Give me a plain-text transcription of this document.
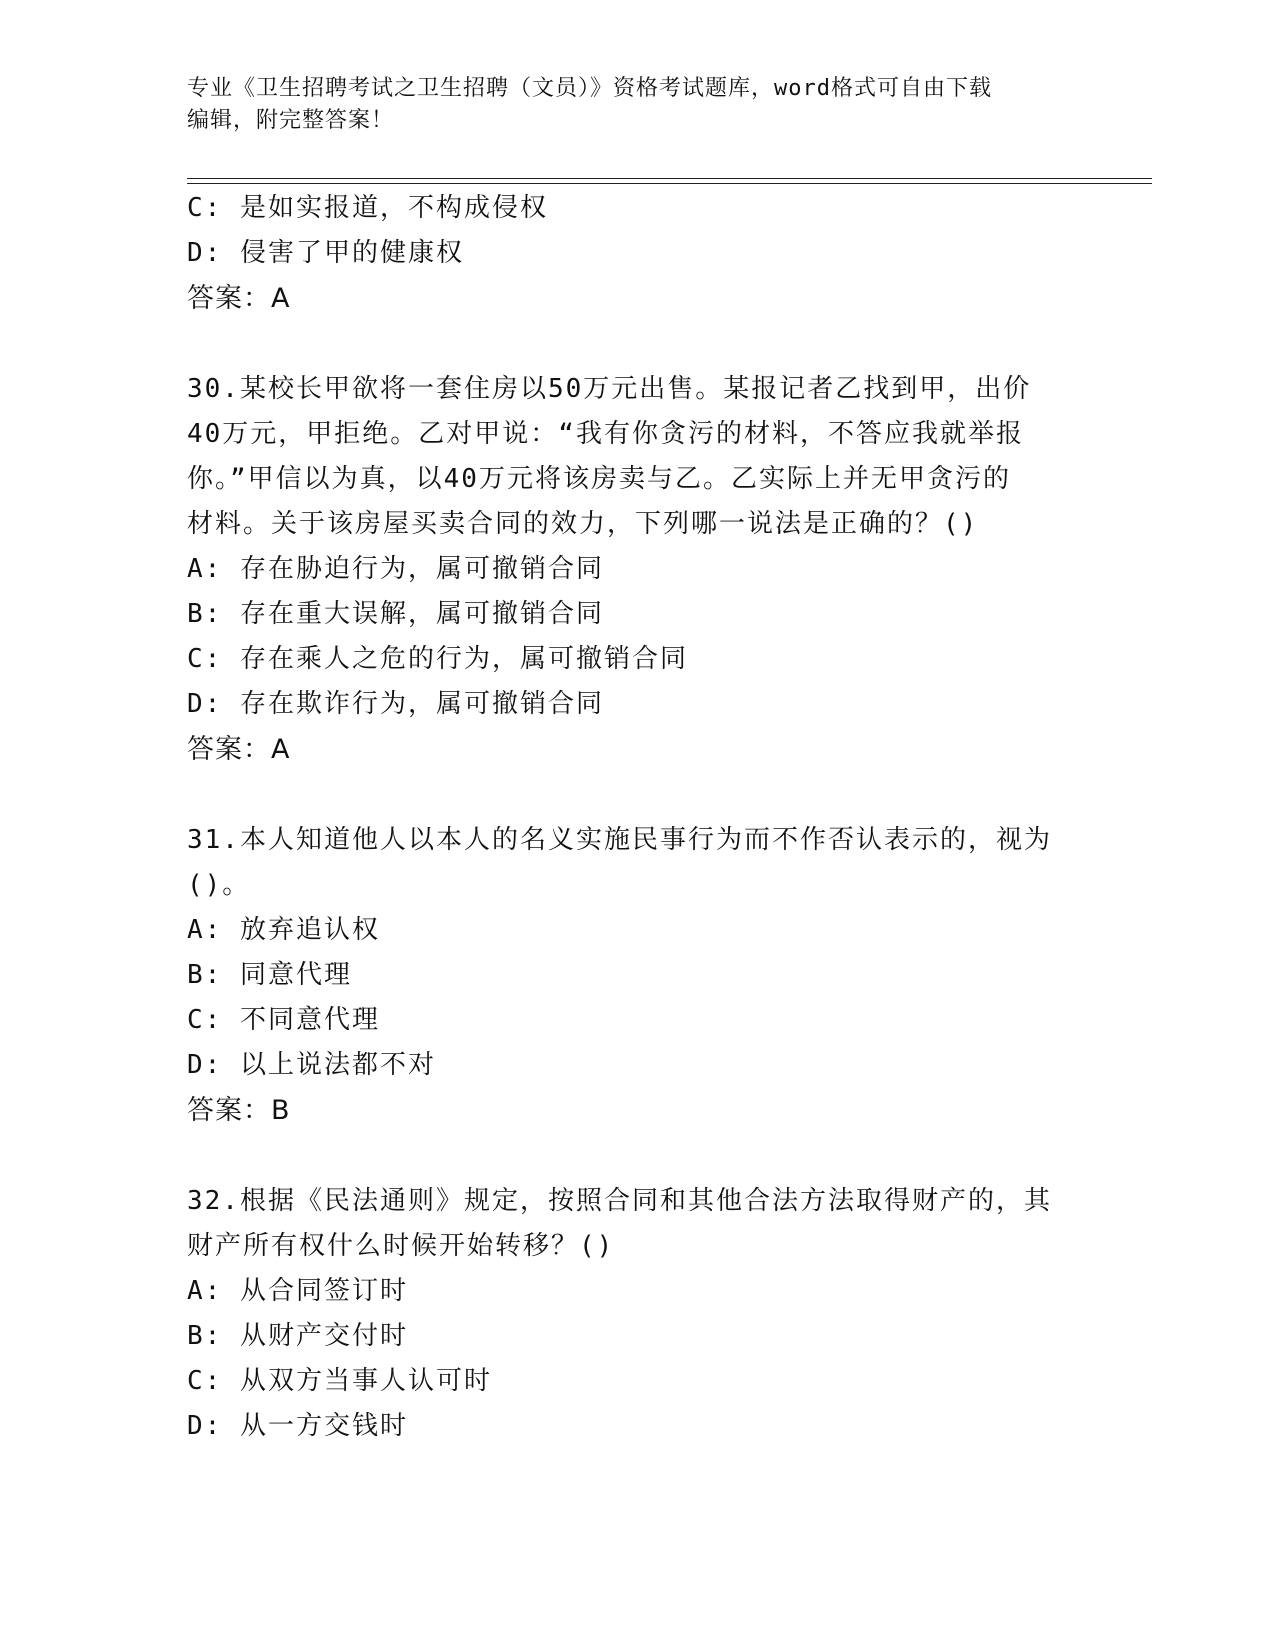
专业《卫生招聘考试之卫生招聘（文员）》资格考试题库，word格式可自由下载
编辑，附完整答案！
C: 是如实报道，不构成侵权
D: 侵害了甲的健康权
答案：A
30.某校长甲欲将一套住房以50万元出售。某报记者乙找到甲，出价
40万元，甲拒绝。乙对甲说：“我有你贪污的材料，不答应我就举报
你。”甲信以为真，以40万元将该房卖与乙。乙实际上并无甲贪污的
材料。关于该房屋买卖合同的效力，下列哪一说法是正确的？()
A: 存在胁迫行为，属可撤销合同
B: 存在重大误解，属可撤销合同
C: 存在乘人之危的行为，属可撤销合同
D: 存在欺诈行为，属可撤销合同
答案：A
31.本人知道他人以本人的名义实施民事行为而不作否认表示的，视为
()。
A: 放弃追认权
B: 同意代理
C: 不同意代理
D: 以上说法都不对
答案：B
32.根据《民法通则》规定，按照合同和其他合法方法取得财产的，其
财产所有权什么时候开始转移？()
A: 从合同签订时
B: 从财产交付时
C: 从双方当事人认可时
D: 从一方交钱时
